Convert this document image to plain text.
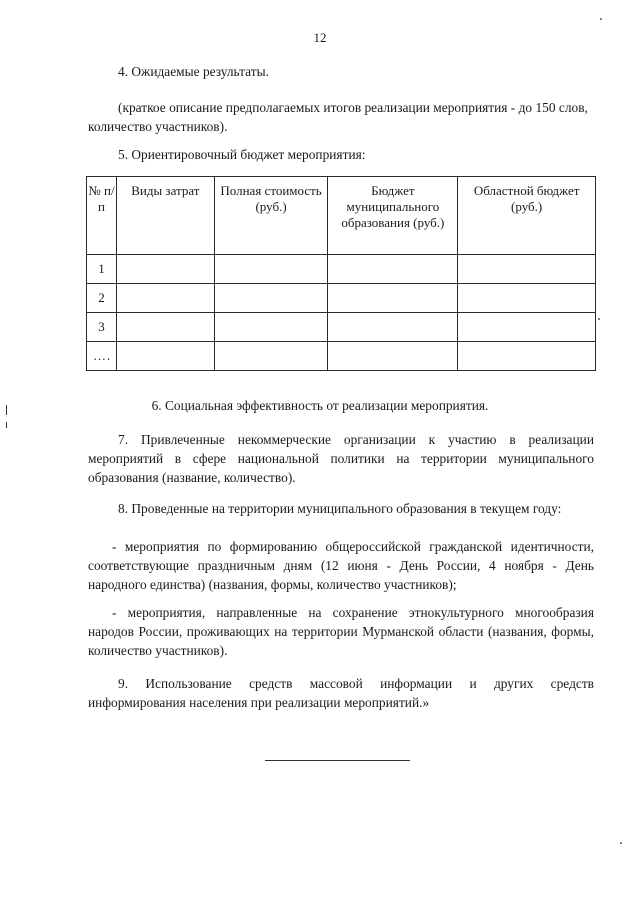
12

4. Ожидаемые результаты.

(краткое описание предполагаемых итогов реализации мероприятия - до 150 слов, количество участников).

5. Ориентировочный бюджет мероприятия:

№ п/п	Виды затрат	Полная стоимость (руб.)	Бюджет муниципального образования (руб.)	Областной бюджет (руб.)
1				
2				
3				
….				

6. Социальная эффективность от реализации мероприятия.

7. Привлеченные некоммерческие организации к участию в реализации мероприятий в сфере национальной политики на территории муниципального образования (название, количество).

8. Проведенные на территории муниципального образования в текущем году:

- мероприятия по формированию общероссийской гражданской идентичности, соответствующие праздничным дням (12 июня - День России, 4 ноября - День народного единства) (названия, формы, количество участников);

- мероприятия, направленные на сохранение этнокультурного многообразия народов России, проживающих на территории Мурманской области (названия, формы, количество участников).

9. Использование средств массовой информации и других средств информирования населения при реализации мероприятий.»
